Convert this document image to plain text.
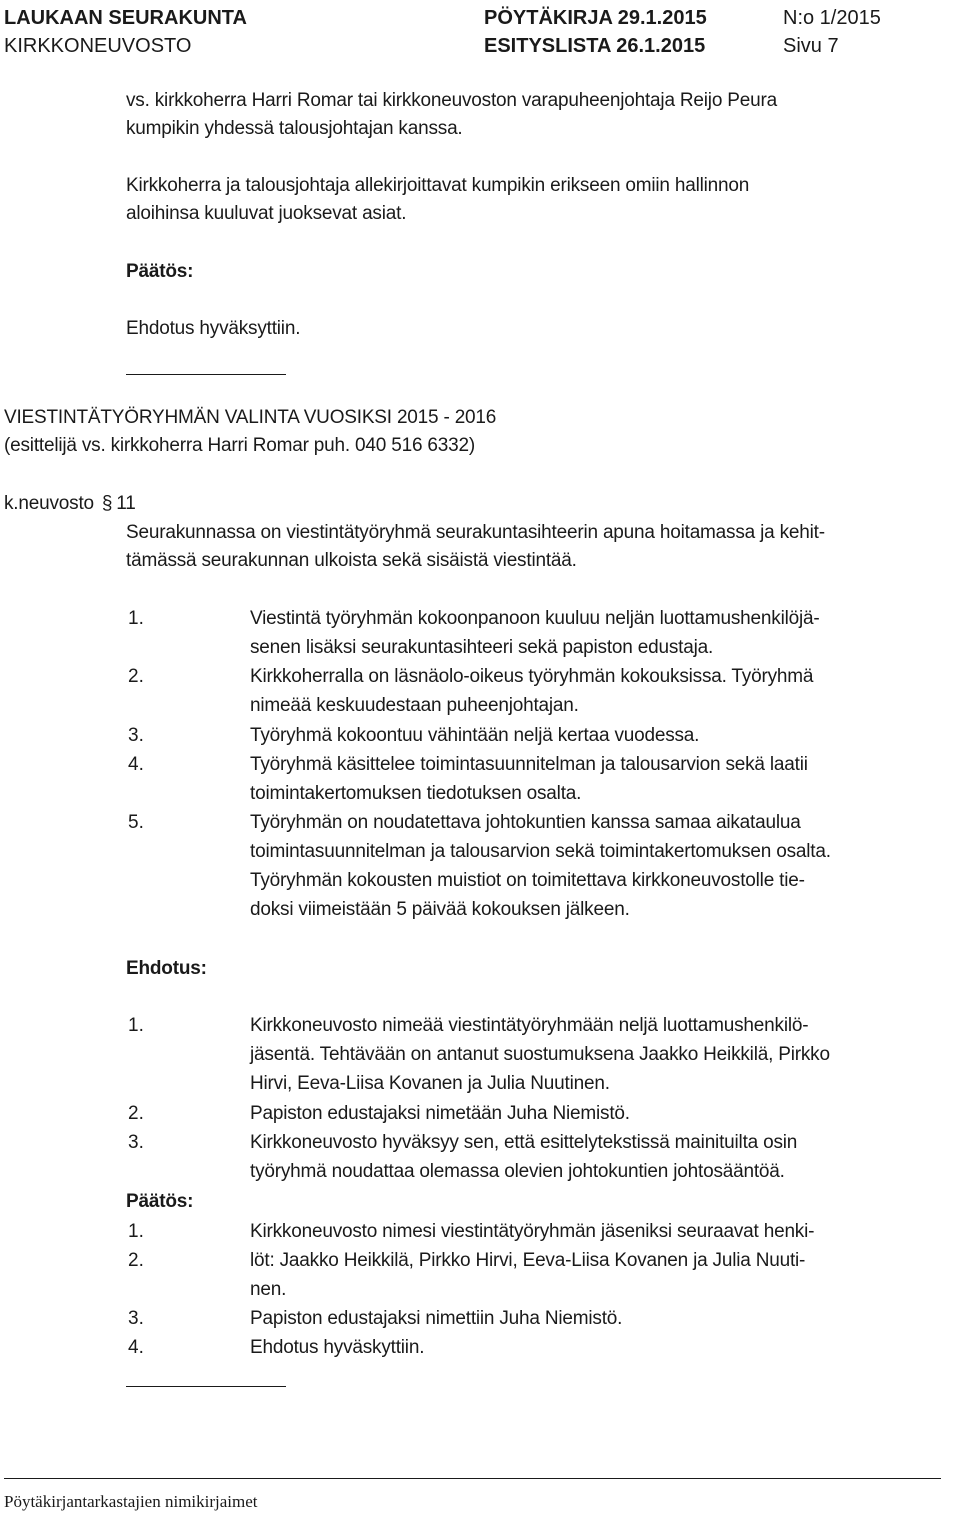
LAUKAAN SEURAKUNTA
KIRKKONEUVOSTO
PÖYTÄKIRJA 29.1.2015
ESITYSLISTA 26.1.2015
N:o 1/2015
Sivu 7
vs. kirkkoherra Harri Romar tai kirkkoneuvoston varapuheenjohtaja Reijo Peura
kumpikin yhdessä talousjohtajan kanssa.
Kirkkoherra ja talousjohtaja allekirjoittavat kumpikin erikseen omiin hallinnon
aloihinsa kuuluvat juoksevat asiat.
Päätös:
Ehdotus hyväksyttiin.
VIESTINTÄTYÖRYHMÄN VALINTA VUOSIKSI 2015 - 2016
(esittelijä vs. kirkkoherra Harri Romar puh. 040 516 6332)
k.neuvosto § 11
Seurakunnassa on viestintätyöryhmä seurakuntasihteerin apuna hoitamassa ja kehit-
tämässä seurakunnan ulkoista sekä sisäistä viestintää.
1.	Viestintä työryhmän kokoonpanoon kuuluu neljän luottamushenkilöjä-
senen lisäksi seurakuntasihteeri sekä papiston edustaja.
2.	Kirkkoherralla on läsnäolo-oikeus työryhmän kokouksissa. Työryhmä
nimeää keskuudestaan puheenjohtajan.
3.	Työryhmä kokoontuu vähintään neljä kertaa vuodessa.
4.	Työryhmä käsittelee toimintasuunnitelman ja talousarvion sekä laatii
toimintakertomuksen tiedotuksen osalta.
5.	Työryhmän on noudatettava johtokuntien kanssa samaa aikataulua
toimintasuunnitelman ja talousarvion sekä toimintakertomuksen osalta.
Työryhmän kokousten muistiot on toimitettava kirkkoneuvostolle tie-
doksi viimeistään 5 päivää kokouksen jälkeen.
Ehdotus:
1.	Kirkkoneuvosto nimeää viestintätyöryhmään neljä luottamushenkilö-
jäsentä. Tehtävään on antanut suostumuksena Jaakko Heikkilä, Pirkko
Hirvi, Eeva-Liisa Kovanen ja Julia Nuutinen.
2.	Papiston edustajaksi nimetään Juha Niemistö.
3.	Kirkkoneuvosto hyväksyy sen, että esittelytekstissä mainituilta osin
työryhmä noudattaa olemassa olevien johtokuntien johtosääntöä.
Päätös:
1.	Kirkkoneuvosto nimesi viestintätyöryhmän jäseniksi seuraavat henki-
2.	löt: Jaakko Heikkilä, Pirkko Hirvi, Eeva-Liisa Kovanen ja Julia Nuuti-
nen.
3.	Papiston edustajaksi nimettiin Juha Niemistö.
4.	Ehdotus hyväskyttiin.
Pöytäkirjantarkastajien nimikirjaimet
